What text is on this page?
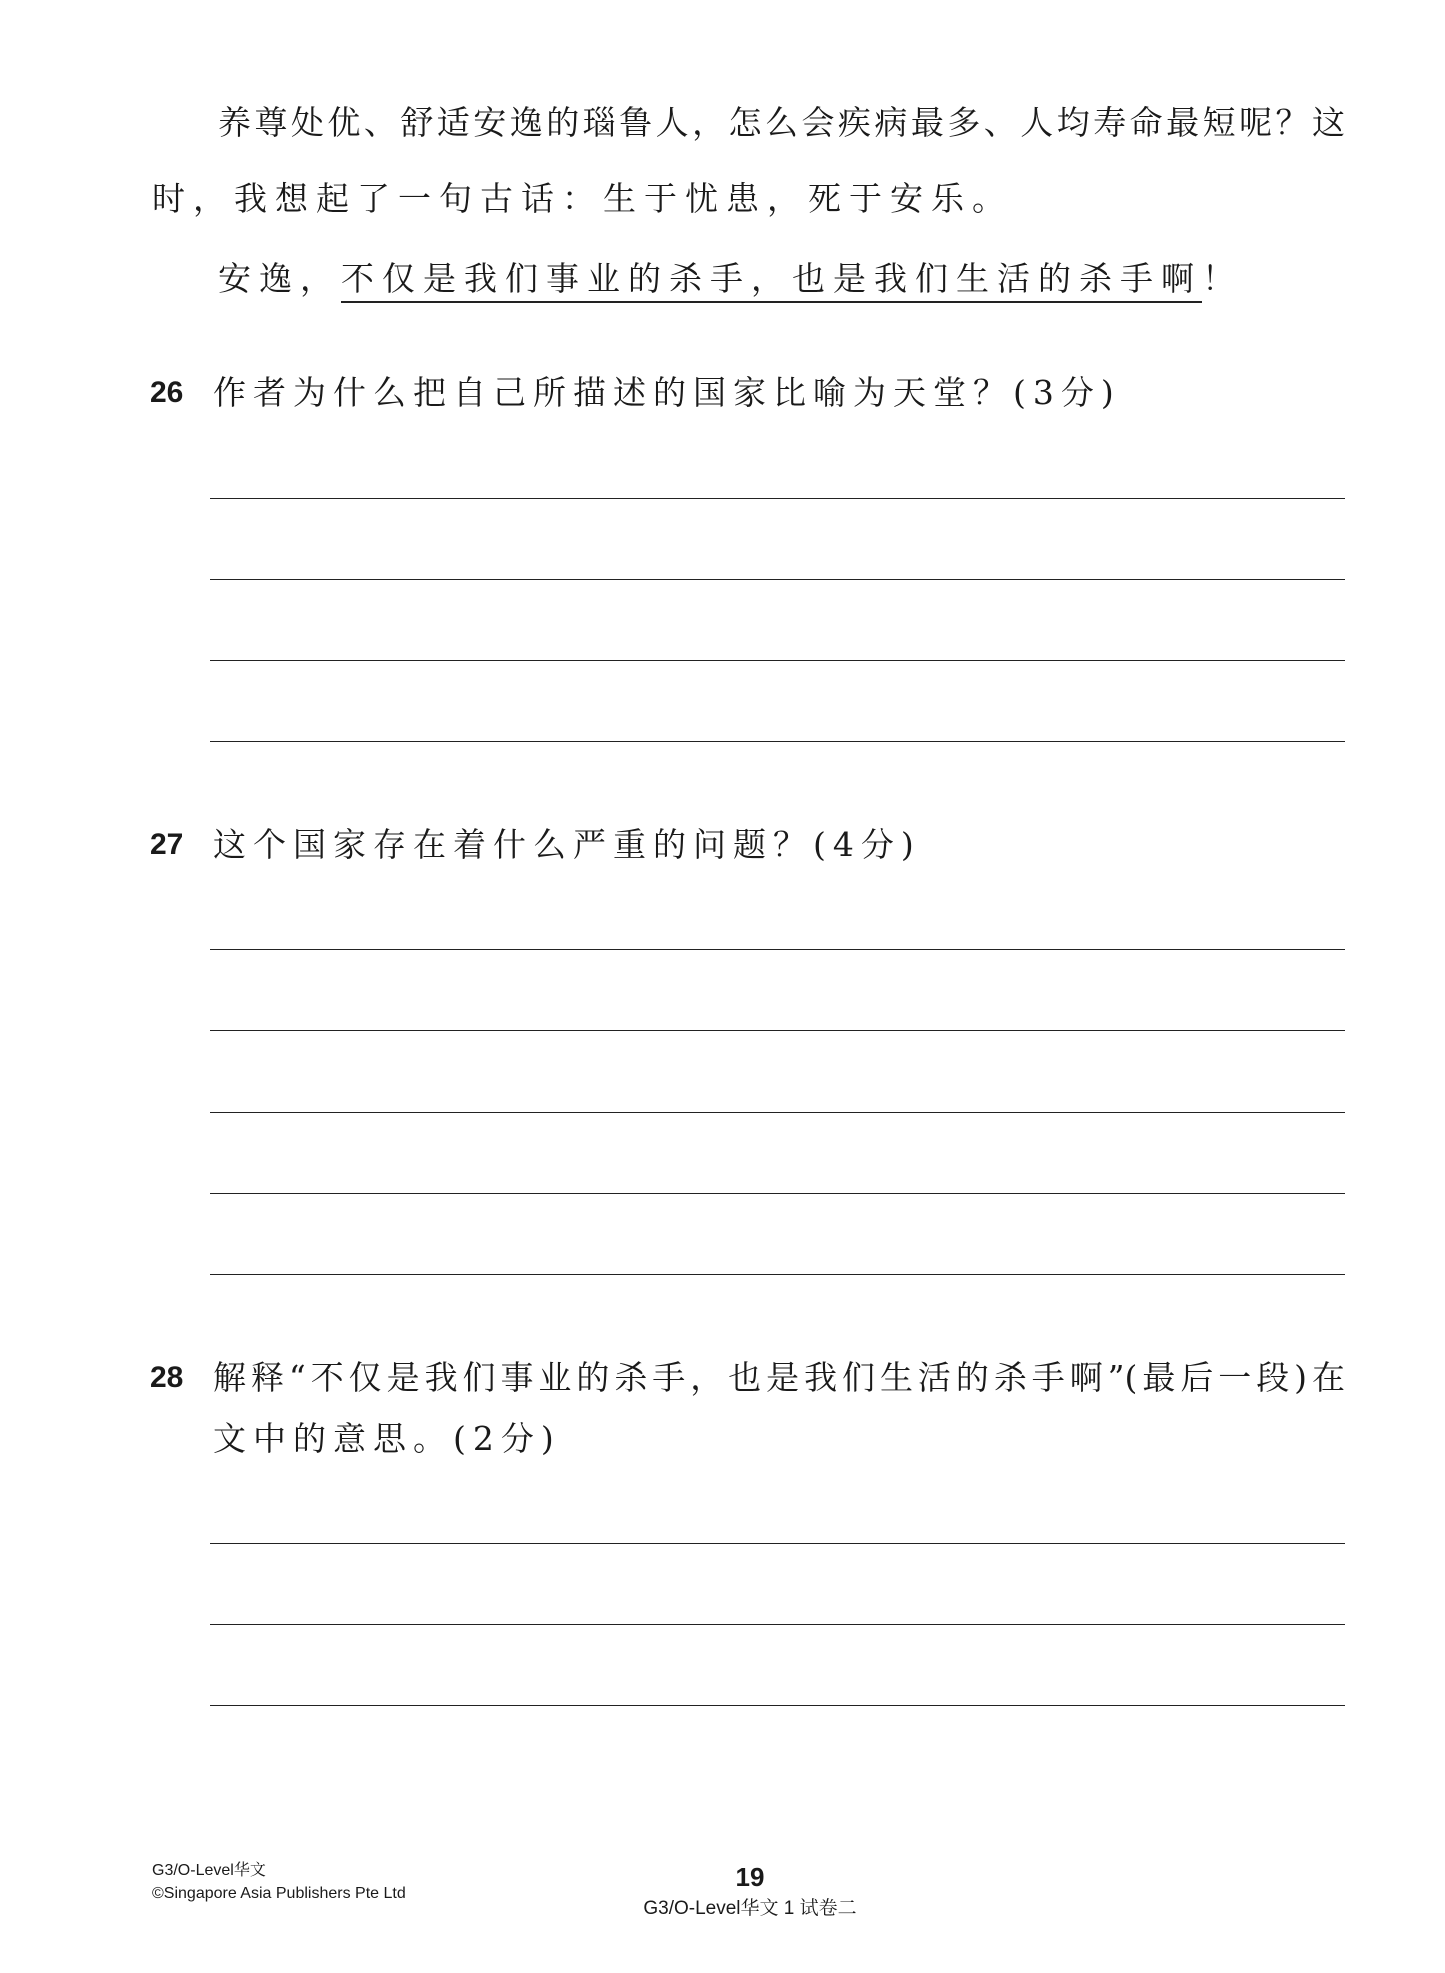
养尊处优、舒适安逸的瑙鲁人，怎么会疾病最多、人均寿命最短呢？这
时，我想起了一句古话：生于忧患，死于安乐。
安逸，不仅是我们事业的杀手，也是我们生活的杀手啊！
26 作者为什么把自己所描述的国家比喻为天堂？(3分)
27 这个国家存在着什么严重的问题？(4分)
28 解释“不仅是我们事业的杀手，也是我们生活的杀手啊”(最后一段)在
文中的意思。(2分)
G3/O-Level华文
©Singapore Asia Publishers Pte Ltd
19
G3/O-Level华文 1 试卷二
